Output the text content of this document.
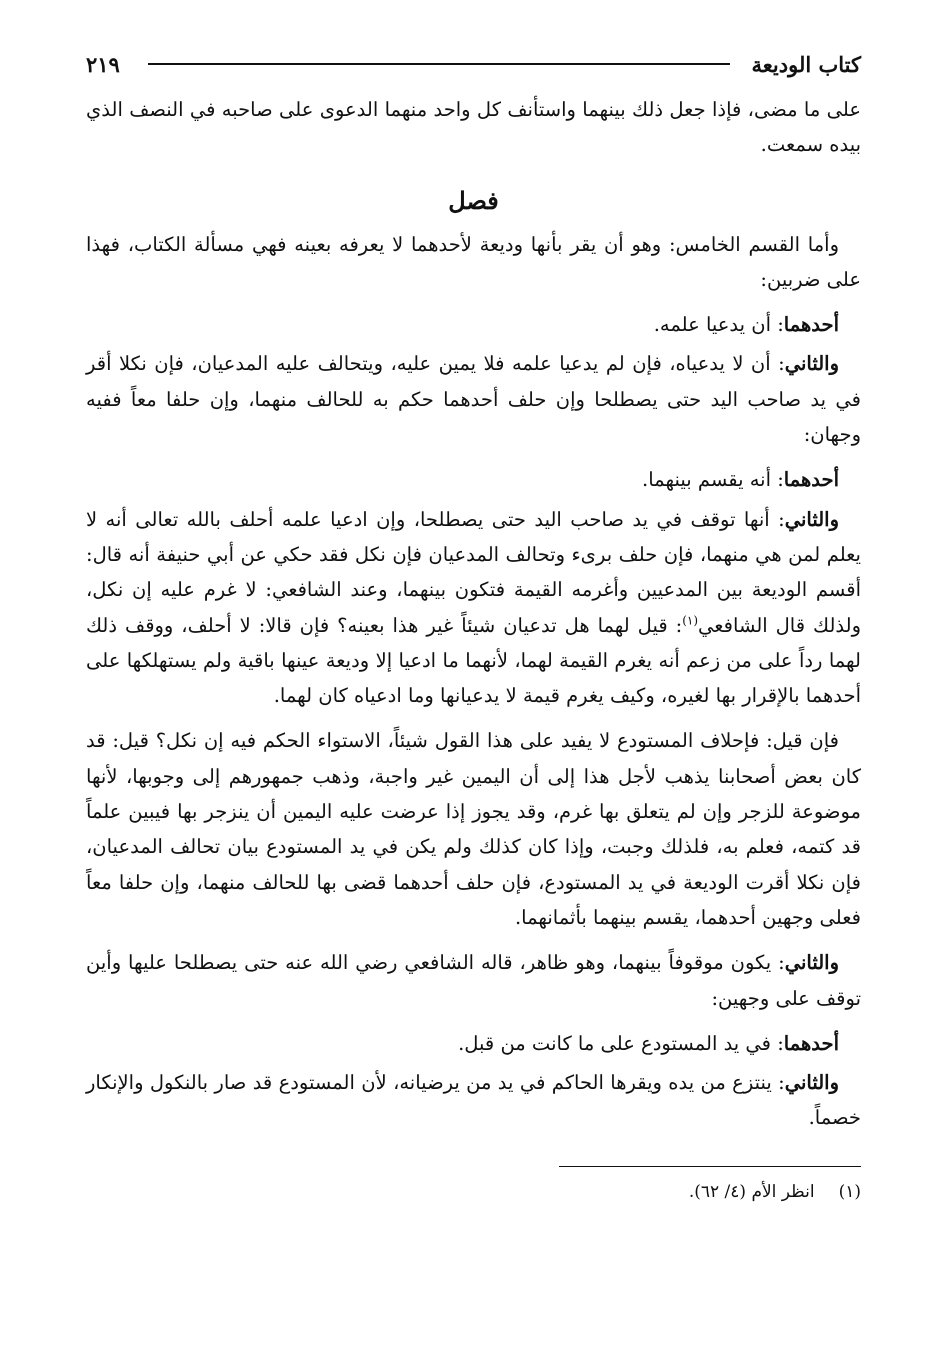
كتاب الوديعة
٢١٩

على ما مضى، فإذا جعل ذلك بينهما واستأنف كل واحد منهما الدعوى على صاحبه في النصف الذي بيده سمعت.

فصل

وأما القسم الخامس: وهو أن يقر بأنها وديعة لأحدهما لا يعرفه بعينه فهي مسألة الكتاب، فهذا على ضربين:

أحدهما: أن يدعيا علمه.

والثاني: أن لا يدعياه، فإن لم يدعيا علمه فلا يمين عليه، ويتحالف عليه المدعيان، فإن نكلا أقر في يد صاحب اليد حتى يصطلحا وإن حلف أحدهما حكم به للحالف منهما، وإن حلفا معاً ففيه وجهان:

أحدهما: أنه يقسم بينهما.

والثاني: أنها توقف في يد صاحب اليد حتى يصطلحا، وإن ادعيا علمه أحلف بالله تعالى أنه لا يعلم لمن هي منهما، فإن حلف برىء وتحالف المدعيان فإن نكل فقد حكي عن أبي حنيفة أنه قال: أقسم الوديعة بين المدعيين وأغرمه القيمة فتكون بينهما، وعند الشافعي: لا غرم عليه إن نكل، ولذلك قال الشافعي$^{(١)}$: قيل لهما هل تدعيان شيئاً غير هذا بعينه؟ فإن قالا: لا أحلف، ووقف ذلك لهما رداً على من زعم أنه يغرم القيمة لهما، لأنهما ما ادعيا إلا وديعة عينها باقية ولم يستهلكها على أحدهما بالإقرار بها لغيره، وكيف يغرم قيمة لا يدعيانها وما ادعياه كان لهما.

فإن قيل: فإحلاف المستودع لا يفيد على هذا القول شيئاً، الاستواء الحكم فيه إن نكل؟ قيل: قد كان بعض أصحابنا يذهب لأجل هذا إلى أن اليمين غير واجبة، وذهب جمهورهم إلى وجوبها، لأنها موضوعة للزجر وإن لم يتعلق بها غرم، وقد يجوز إذا عرضت عليه اليمين أن ينزجر بها فيبين علماً قد كتمه، فعلم به، فلذلك وجبت، وإذا كان كذلك ولم يكن في يد المستودع بيان تحالف المدعيان، فإن نكلا أقرت الوديعة في يد المستودع، فإن حلف أحدهما قضى بها للحالف منهما، وإن حلفا معاً فعلى وجهين أحدهما، يقسم بينهما بأثمانهما.

والثاني: يكون موقوفاً بينهما، وهو ظاهر، قاله الشافعي رضي الله عنه حتى يصطلحا عليها وأين توقف على وجهين:

أحدهما: في يد المستودع على ما كانت من قبل.

والثاني: ينتزع من يده ويقرها الحاكم في يد من يرضيانه، لأن المستودع قد صار بالنكول والإنكار خصماً.

(١)
انظر الأم (٤/ ٦٢).
